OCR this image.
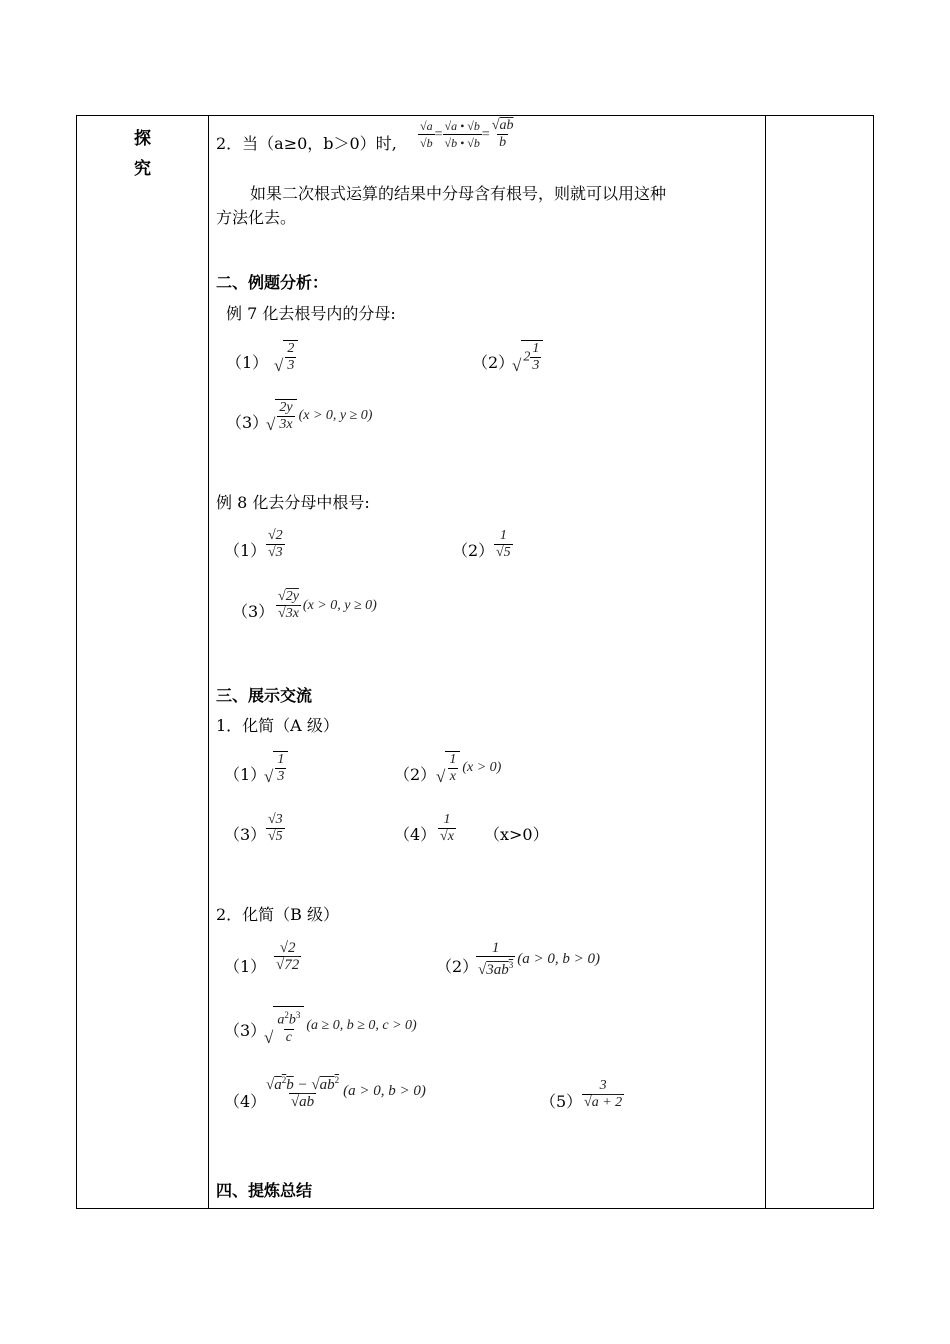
探
究
2．当（a≥0，b＞0）时, $\frac{√a}{√b} = \frac{√a • √b}{√b • √b} = \frac{√ab}{b}$
如果二次根式运算的结果中分母含有根号，则就可以用这种
方法化去。
二、例题分析：
例 7 化去根号内的分母:
（1） √ $\frac{2}{3}$	（2）
√ $2 \frac{1}{3}$
（3）
√ $\frac{2y}{3x} (x > 0$, y ≥ 0)
例 8 化去分母中根号:
$(1) \frac{√2}{√3}$	$(2) \frac{1}{√5}$
$(3) \frac{√2y}{√3x} (x > 0$, y ≥ 0)
三、展示交流
1．化简（A 级）
（1）
√ $\frac{1}{3}$	（2） √ $\frac{1}{x} (x > 0)$
$(3) \frac{√3}{√5}$	$(4) \frac{1}{√x} (x>0)$
2．化简（B 级）
$(1) \frac{√2}{√72}$	（2）
$\frac{1}{√3ab^3} (a > 0$, b > 0)
（3）
√ $\frac{a^2b^3}{c} (a \ge 0$, b ≥ 0, c > 0)
（4）
$\frac{√a^2b - √ab^2}{√ab} (a > 0$, b > 0)
$(5) \frac{3}{√a + 2}$
四、提炼总结
